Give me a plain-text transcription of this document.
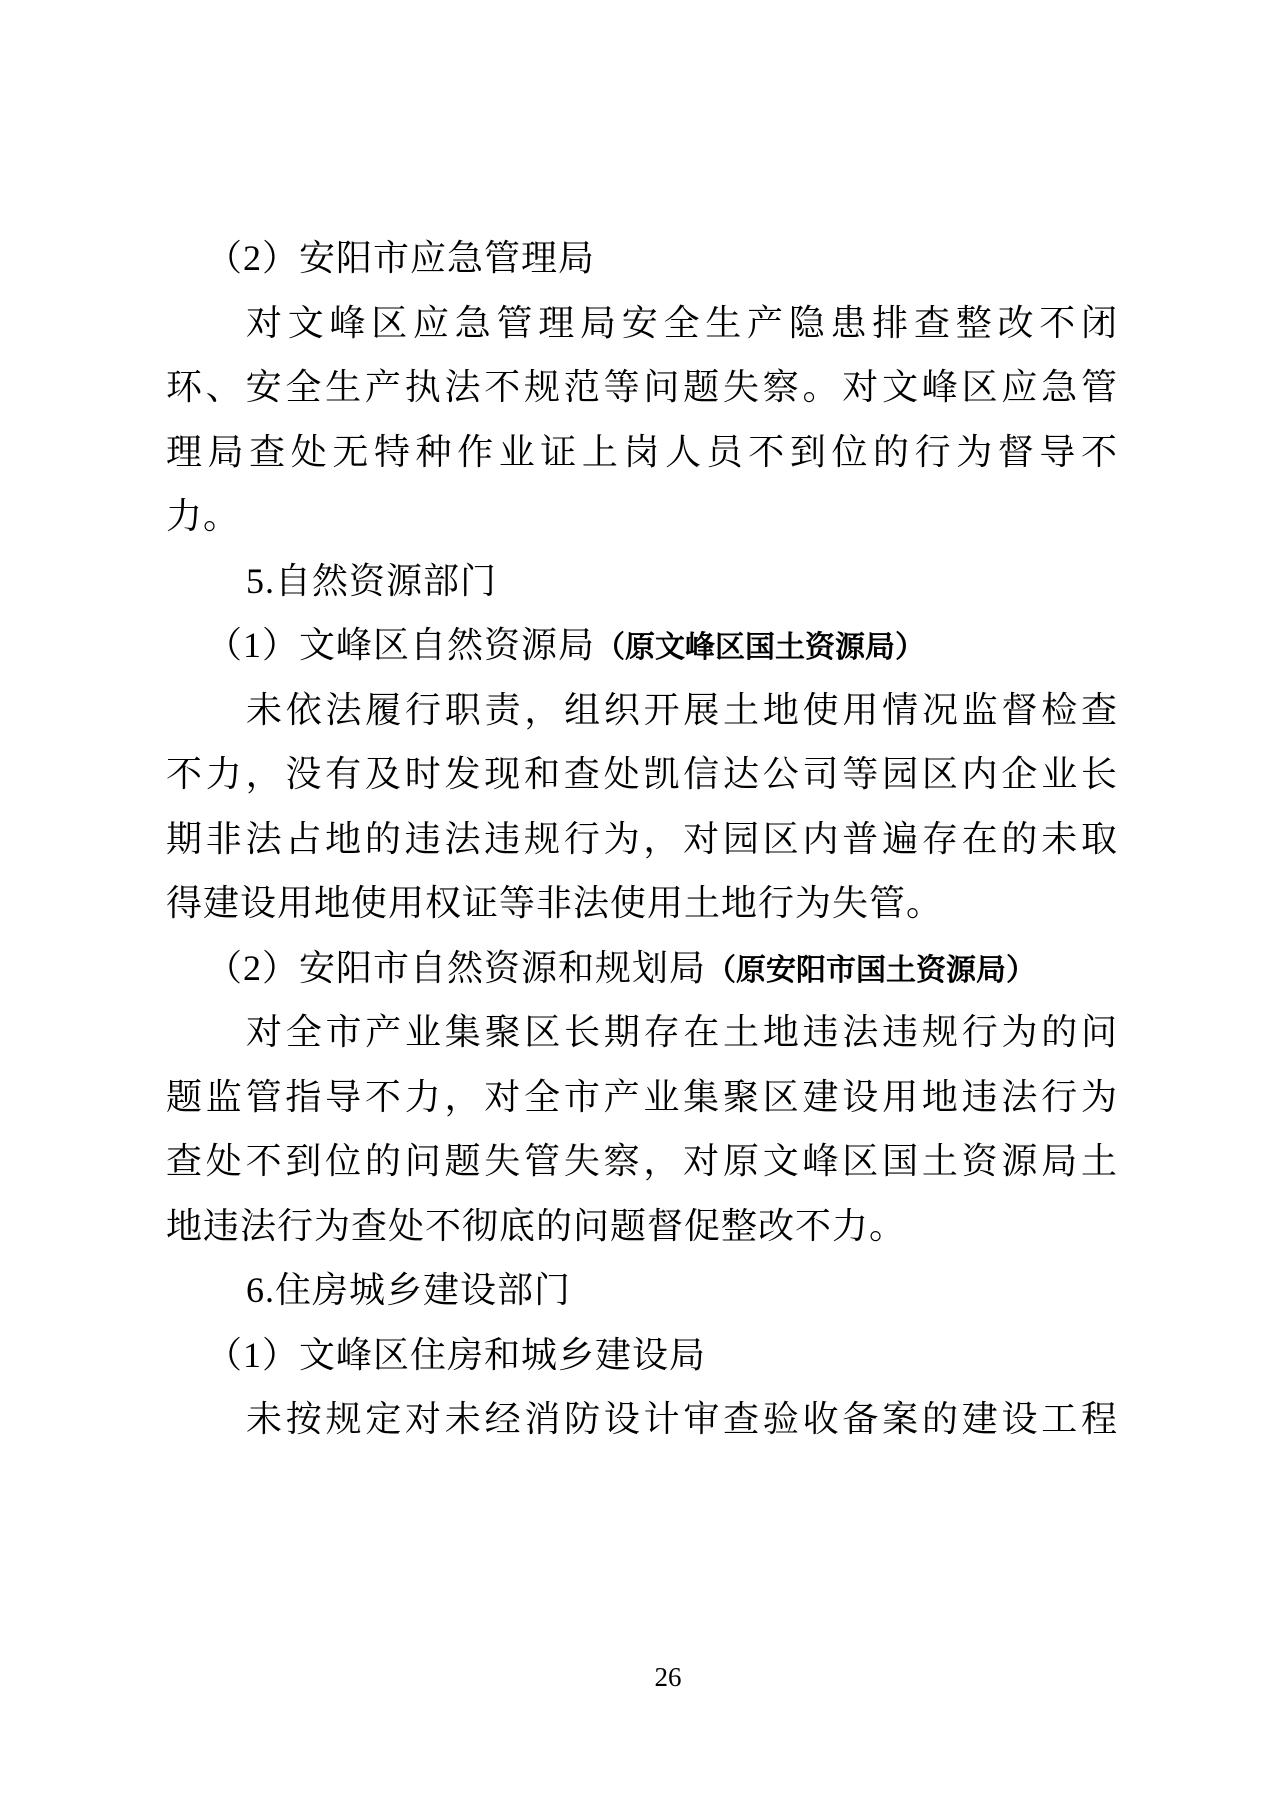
（2）安阳市应急管理局
对文峰区应急管理局安全生产隐患排查整改不闭
环、安全生产执法不规范等问题失察。对文峰区应急管
理局查处无特种作业证上岗人员不到位的行为督导不
力。
5.自然资源部门
（1）文峰区自然资源局（原文峰区国土资源局）
未依法履行职责，组织开展土地使用情况监督检查
不力，没有及时发现和查处凯信达公司等园区内企业长
期非法占地的违法违规行为，对园区内普遍存在的未取
得建设用地使用权证等非法使用土地行为失管。
（2）安阳市自然资源和规划局（原安阳市国土资源局）
对全市产业集聚区长期存在土地违法违规行为的问
题监管指导不力，对全市产业集聚区建设用地违法行为
查处不到位的问题失管失察，对原文峰区国土资源局土
地违法行为查处不彻底的问题督促整改不力。
6.住房城乡建设部门
（1）文峰区住房和城乡建设局
未按规定对未经消防设计审查验收备案的建设工程
26
